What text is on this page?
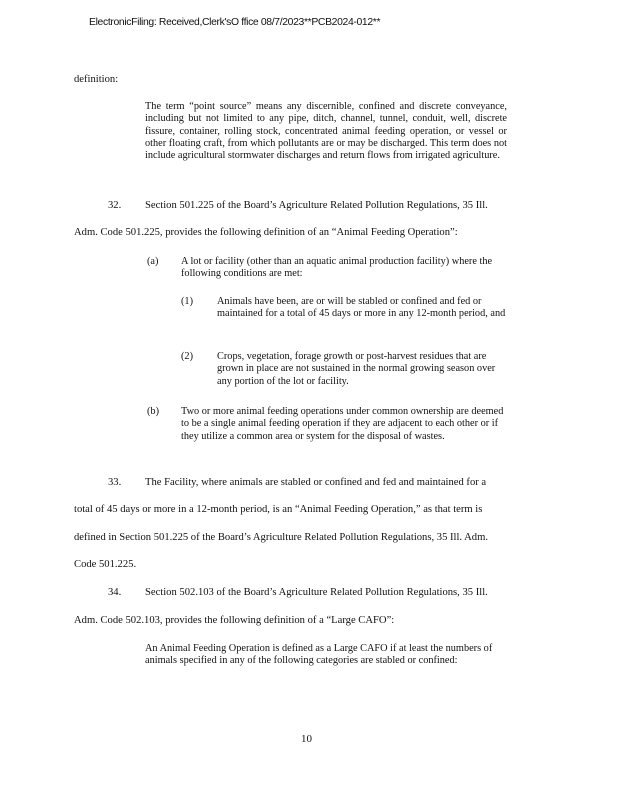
ElectronicFiling: Received,Clerk'sO ffice 08/7/2023**PCB2024-012**

definition:

The term “point source” means any discernible, confined and discrete conveyance, including but not limited to any pipe, ditch, channel, tunnel, conduit, well, discrete fissure, container, rolling stock, concentrated animal feeding operation, or vessel or other floating craft, from which pollutants are or may be discharged. This term does not include agricultural stormwater discharges and return flows from irrigated agriculture.

32. Section 501.225 of the Board’s Agriculture Related Pollution Regulations, 35 Ill.

Adm. Code 501.225, provides the following definition of an “Animal Feeding Operation”:

(a) A lot or facility (other than an aquatic animal production facility) where the following conditions are met:

(1) Animals have been, are or will be stabled or confined and fed or maintained for a total of 45 days or more in any 12-month period, and

(2) Crops, vegetation, forage growth or post-harvest residues that are grown in place are not sustained in the normal growing season over any portion of the lot or facility.

(b) Two or more animal feeding operations under common ownership are deemed to be a single animal feeding operation if they are adjacent to each other or if they utilize a common area or system for the disposal of wastes.

33. The Facility, where animals are stabled or confined and fed and maintained for a

total of 45 days or more in a 12-month period, is an “Animal Feeding Operation,” as that term is

defined in Section 501.225 of the Board’s Agriculture Related Pollution Regulations, 35 Ill. Adm.

Code 501.225.

34. Section 502.103 of the Board’s Agriculture Related Pollution Regulations, 35 Ill.

Adm. Code 502.103, provides the following definition of a “Large CAFO”:

An Animal Feeding Operation is defined as a Large CAFO if at least the numbers of animals specified in any of the following categories are stabled or confined:

10
